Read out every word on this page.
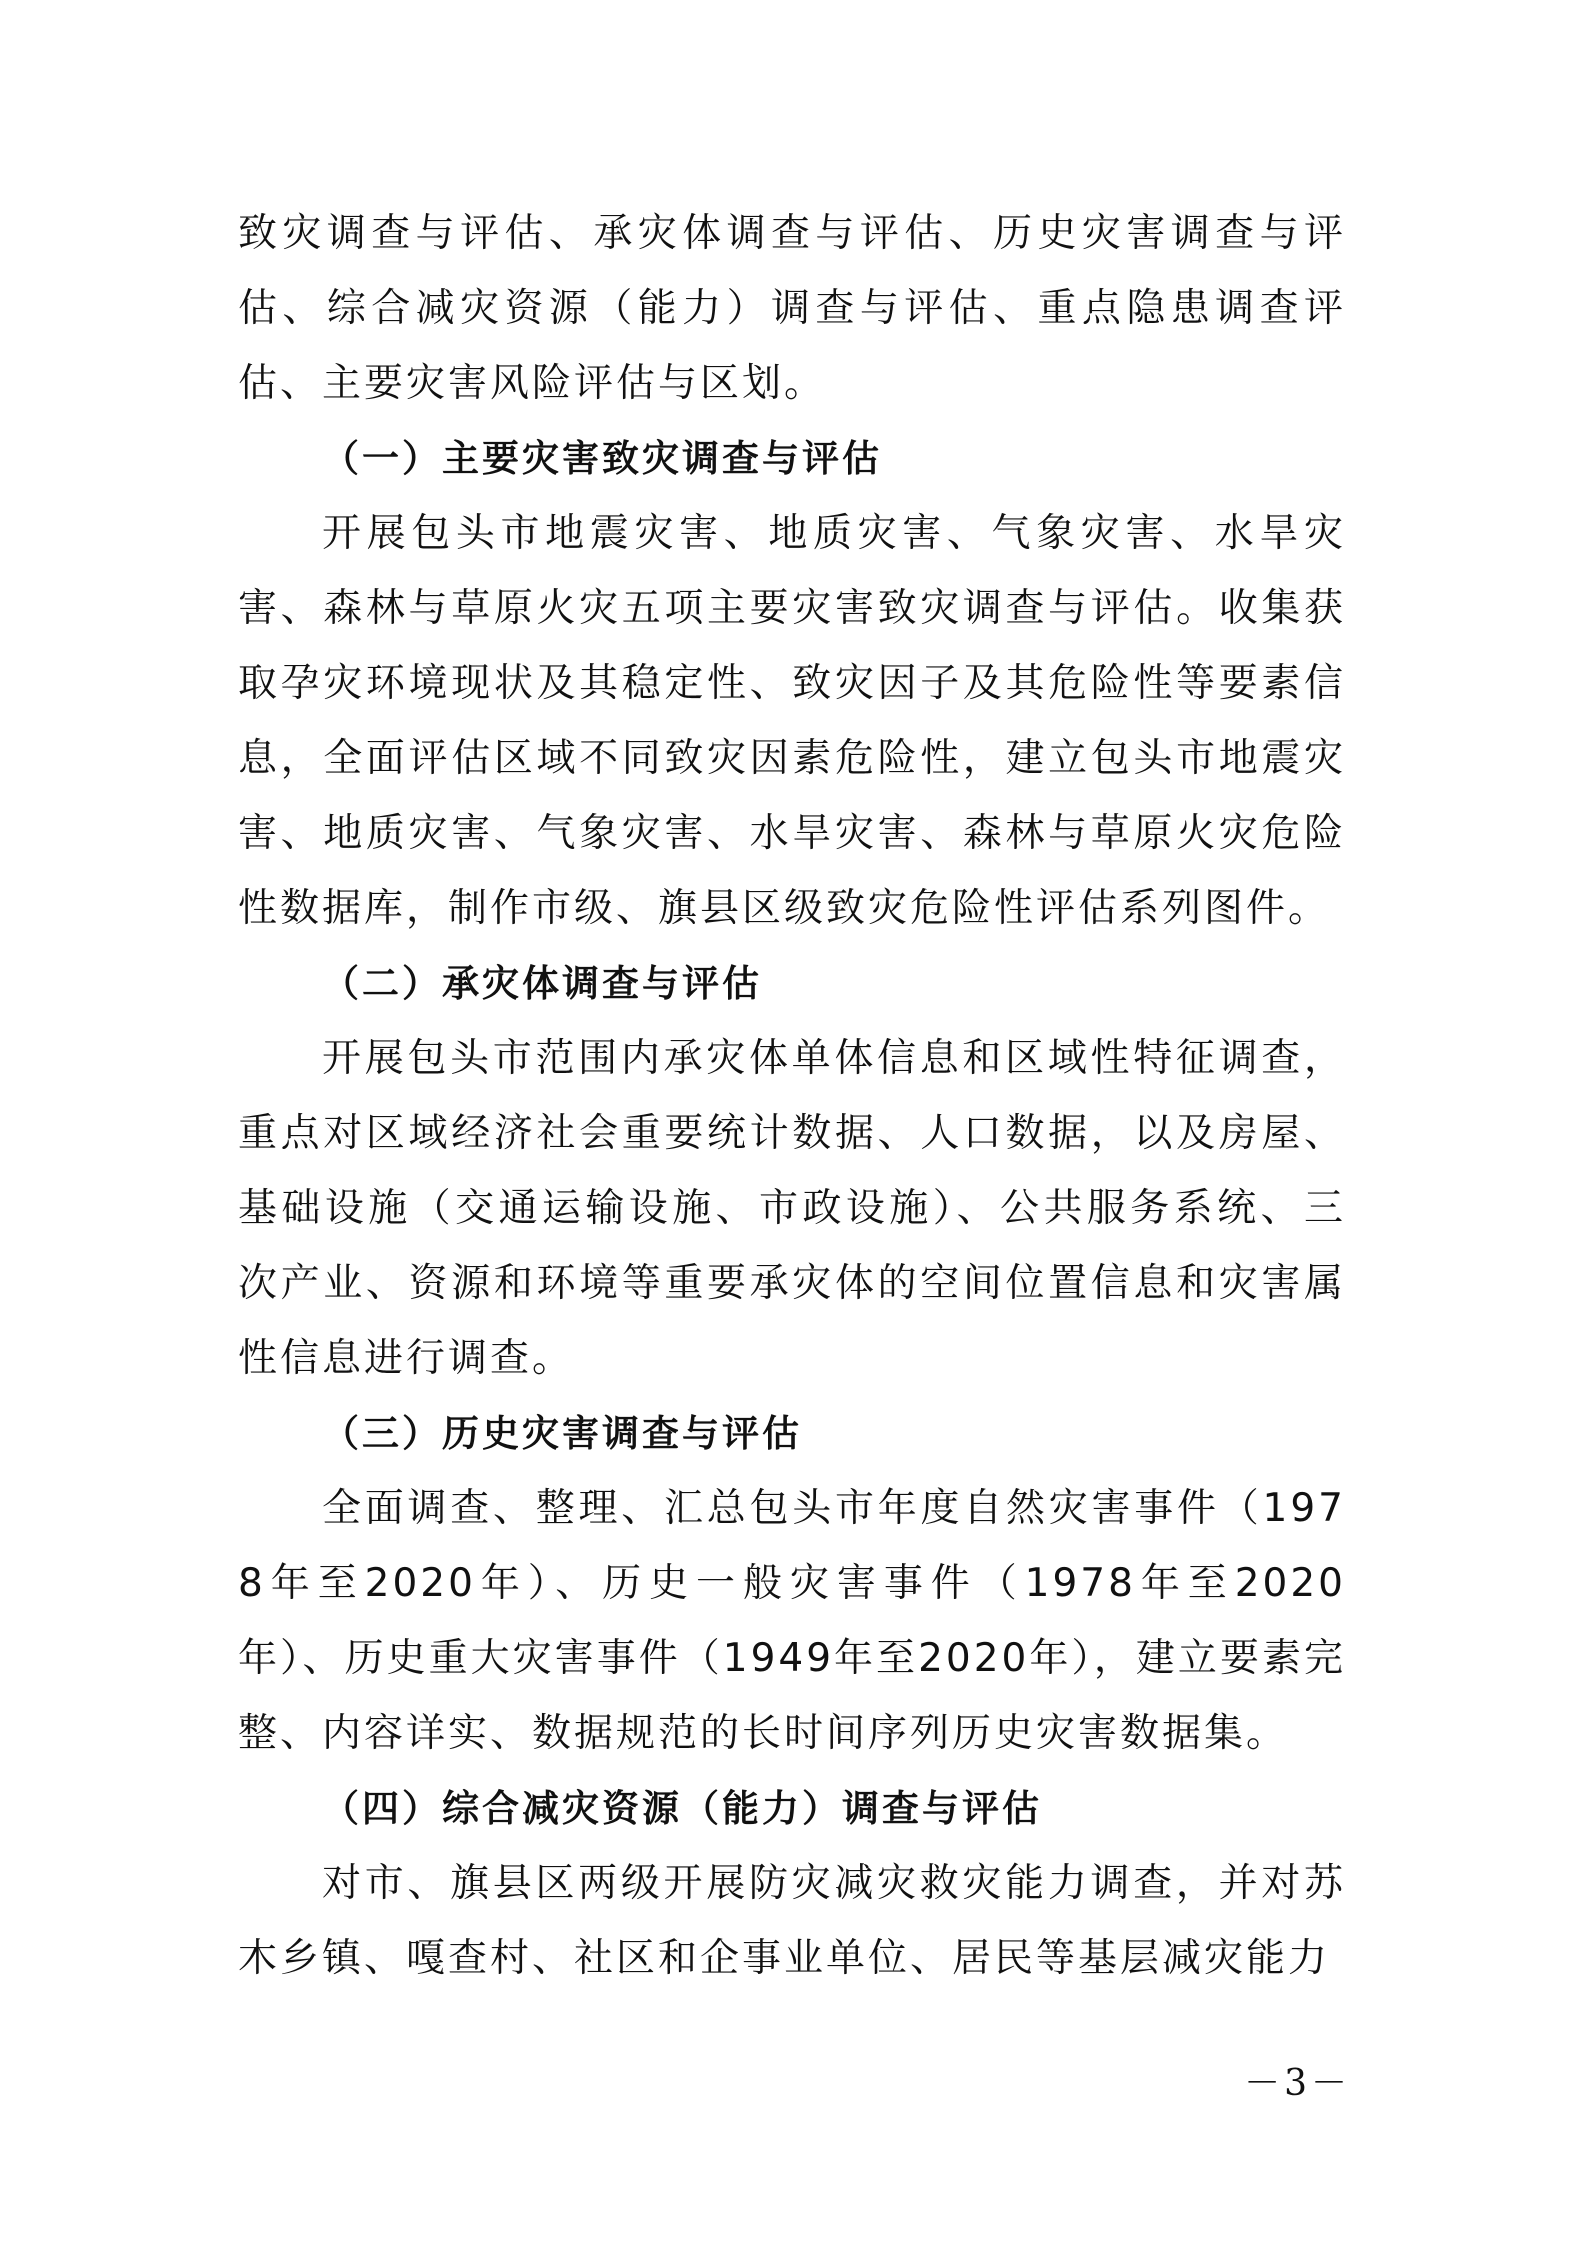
致灾调查与评估、承灾体调查与评估、历史灾害调查与评估、综合减灾资源（能力）调查与评估、重点隐患调查评估、主要灾害风险评估与区划。

（一）主要灾害致灾调查与评估

开展包头市地震灾害、地质灾害、气象灾害、水旱灾害、森林与草原火灾五项主要灾害致灾调查与评估。收集获取孕灾环境现状及其稳定性、致灾因子及其危险性等要素信息，全面评估区域不同致灾因素危险性，建立包头市地震灾害、地质灾害、气象灾害、水旱灾害、森林与草原火灾危险性数据库，制作市级、旗县区级致灾危险性评估系列图件。

（二）承灾体调查与评估

开展包头市范围内承灾体单体信息和区域性特征调查，重点对区域经济社会重要统计数据、人口数据，以及房屋、基础设施（交通运输设施、市政设施）、公共服务系统、三次产业、资源和环境等重要承灾体的空间位置信息和灾害属性信息进行调查。

（三）历史灾害调查与评估

全面调查、整理、汇总包头市年度自然灾害事件（1978年至2020年）、历史一般灾害事件（1978年至2020年）、历史重大灾害事件（1949年至2020年），建立要素完整、内容详实、数据规范的长时间序列历史灾害数据集。

（四）综合减灾资源（能力）调查与评估

对市、旗县区两级开展防灾减灾救灾能力调查，并对苏木乡镇、嘎查村、社区和企事业单位、居民等基层减灾能力

－3－
